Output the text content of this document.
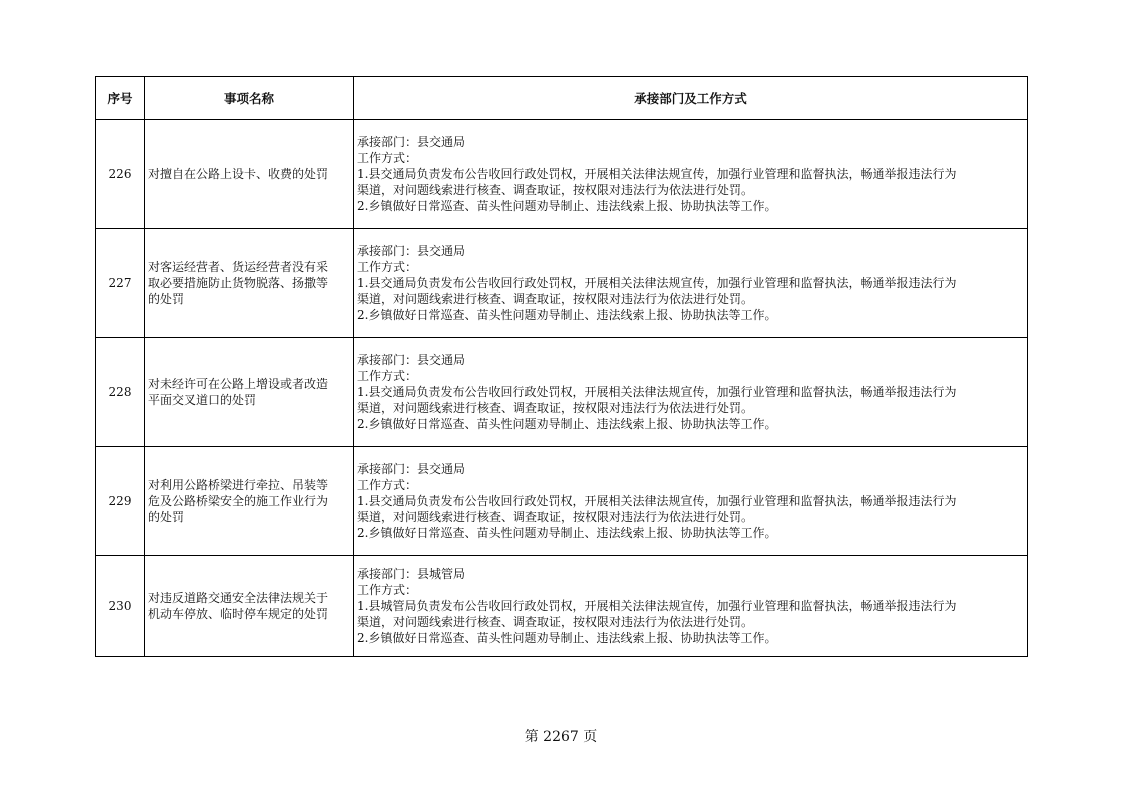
序号	事项名称	承接部门及工作方式
226	对擅自在公路上设卡、收费的处罚	承接部门：县交通局
工作方式：
1.县交通局负责发布公告收回行政处罚权，开展相关法律法规宣传，加强行业管理和监督执法，畅通举报违法行为
渠道，对问题线索进行核查、调查取证，按权限对违法行为依法进行处罚。
2.乡镇做好日常巡查、苗头性问题劝导制止、违法线索上报、协助执法等工作。

227	对客运经营者、货运经营者没有采
取必要措施防止货物脱落、扬撒等
的处罚	承接部门：县交通局
工作方式：
1.县交通局负责发布公告收回行政处罚权，开展相关法律法规宣传，加强行业管理和监督执法，畅通举报违法行为
渠道，对问题线索进行核查、调查取证，按权限对违法行为依法进行处罚。
2.乡镇做好日常巡查、苗头性问题劝导制止、违法线索上报、协助执法等工作。

228	对未经许可在公路上增设或者改造
平面交叉道口的处罚	承接部门：县交通局
工作方式：
1.县交通局负责发布公告收回行政处罚权，开展相关法律法规宣传，加强行业管理和监督执法，畅通举报违法行为
渠道，对问题线索进行核查、调查取证，按权限对违法行为依法进行处罚。
2.乡镇做好日常巡查、苗头性问题劝导制止、违法线索上报、协助执法等工作。

229	对利用公路桥梁进行牵拉、吊装等
危及公路桥梁安全的施工作业行为
的处罚	承接部门：县交通局
工作方式：
1.县交通局负责发布公告收回行政处罚权，开展相关法律法规宣传，加强行业管理和监督执法，畅通举报违法行为
渠道，对问题线索进行核查、调查取证，按权限对违法行为依法进行处罚。
2.乡镇做好日常巡查、苗头性问题劝导制止、违法线索上报、协助执法等工作。

230	对违反道路交通安全法律法规关于
机动车停放、临时停车规定的处罚	承接部门：县城管局
工作方式：
1.县城管局负责发布公告收回行政处罚权，开展相关法律法规宣传，加强行业管理和监督执法，畅通举报违法行为
渠道，对问题线索进行核查、调查取证，按权限对违法行为依法进行处罚。
2.乡镇做好日常巡查、苗头性问题劝导制止、违法线索上报、协助执法等工作。
第 2267 页
